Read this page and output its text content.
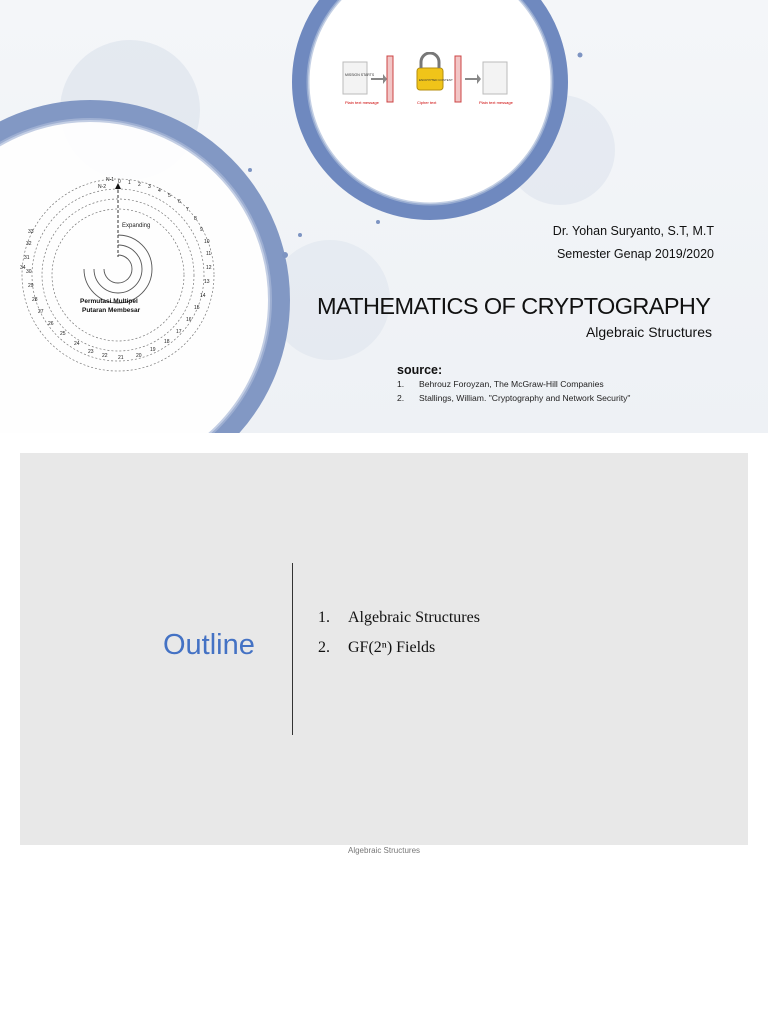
Plain text message	Cipher text	Plain text message
MISSION STARTS
ENCRYPTED CONTENT
Expanding
N-2
N-1 0 1 2 3
4
5
6
7
8
9
10
11
12
13
14
15
16
17
18
19
20
21
22
23
24
25
26
27
28
29
30
31
32
33
34
Permutasi Multipel
Putaran Membesar
Dr. Yohan Suryanto, S.T, M.T
Semester Genap 2019/2020
MATHEMATICS OF CRYPTOGRAPHY
Algebraic Structures
source:
1. Behrouz Foroyzan, The McGraw-Hill Companies
2. Stallings, William. "Cryptography and Network Security"
Outline
1. Algebraic Structures
2. GF(2ⁿ) Fields
Algebraic Structures
